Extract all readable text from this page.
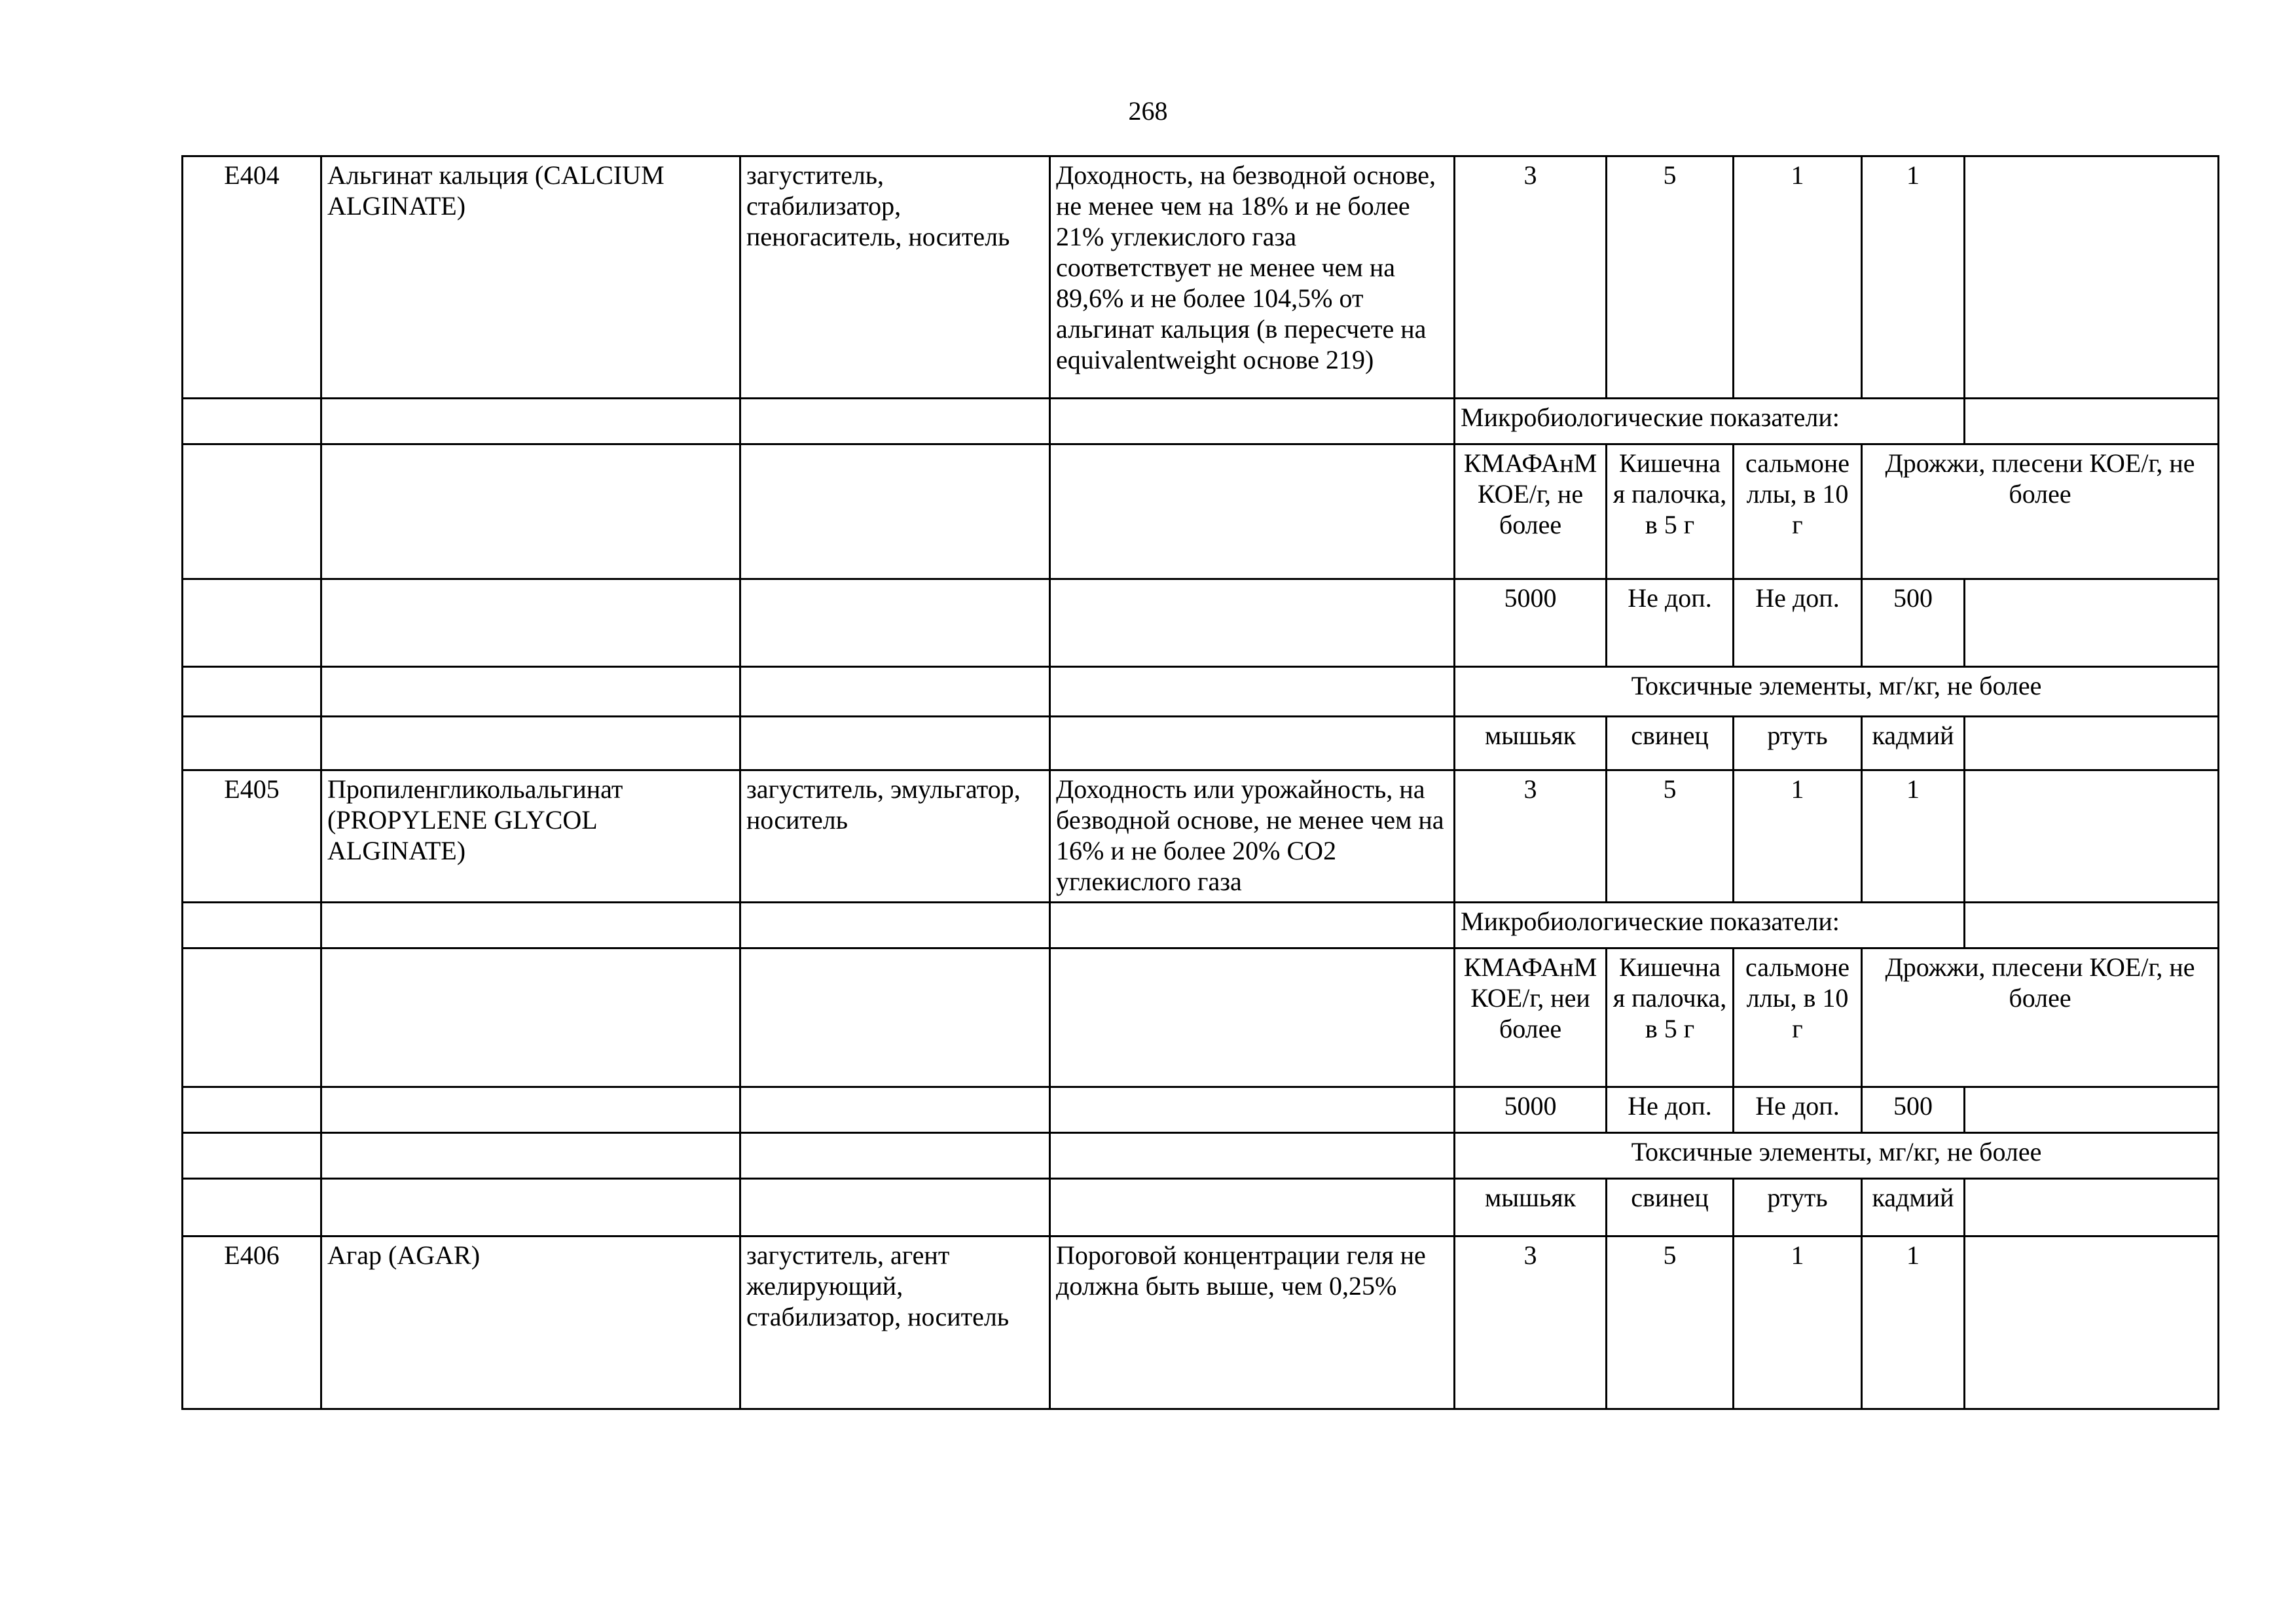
268
E404	Альгинат кальция (CALCIUM ALGINATE)	загуститель, стабилизатор, пеногаситель, носитель	Доходность, на безводной основе, не менее чем на 18% и не более 21% углекислого газа соответствует не менее чем на 89,6% и не более 104,5% от альгинат кальция (в пересчете на equivalentweight основе 219)	3	5	1	1	
				Микробиологические показатели:				
				КМАФАнМ КОЕ/г, не более	Кишечна я палочка, в 5 г	сальмоне ллы, в 10 г	Дрожжи, плесени КОЕ/г, не более	
				5000	Не доп.	Не доп.	500	
				Токсичные элементы, мг/кг, не более				
				мышьяк	свинец	ртуть	кадмий	
E405	Пропиленгликольальгинат (PROPYLENE GLYCOL ALGINATE)	загуститель, эмульгатор, носитель	Доходность или урожайность, на безводной основе, не менее чем на 16% и не более 20% CO2 углекислого газа	3	5	1	1	
				Микробиологические показатели:				
				КМАФАнМ КОЕ/г, неи более	Кишечна я палочка, в 5 г	сальмоне ллы, в 10 г	Дрожжи, плесени КОЕ/г, не более	
				5000	Не доп.	Не доп.	500	
				Токсичные элементы, мг/кг, не более				
				мышьяк	свинец	ртуть	кадмий	
E406	Агар (AGAR)	загуститель, агент желирующий, стабилизатор, носитель	Пороговой концентрации геля не должна быть выше, чем 0,25%	3	5	1	1	
